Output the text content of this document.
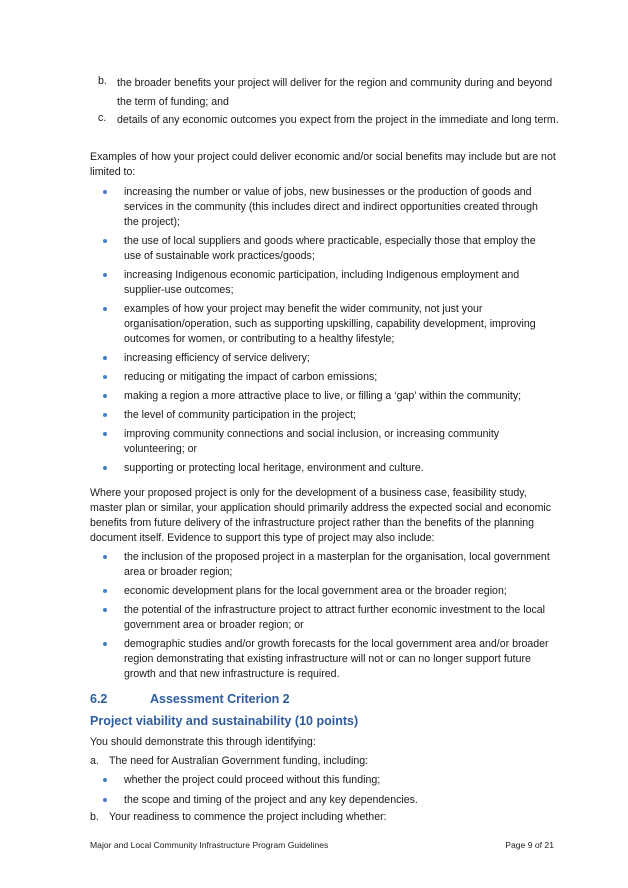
b. the broader benefits your project will deliver for the region and community during and beyond the term of funding; and
c. details of any economic outcomes you expect from the project in the immediate and long term.
Examples of how your project could deliver economic and/or social benefits may include but are not limited to:
increasing the number or value of jobs, new businesses or the production of goods and services in the community (this includes direct and indirect opportunities created through the project);
the use of local suppliers and goods where practicable, especially those that employ the use of sustainable work practices/goods;
increasing Indigenous economic participation, including Indigenous employment and supplier-use outcomes;
examples of how your project may benefit the wider community, not just your organisation/operation, such as supporting upskilling, capability development, improving outcomes for women, or contributing to a healthy lifestyle;
increasing efficiency of service delivery;
reducing or mitigating the impact of carbon emissions;
making a region a more attractive place to live, or filling a ‘gap’ within the community;
the level of community participation in the project;
improving community connections and social inclusion, or increasing community volunteering; or
supporting or protecting local heritage, environment and culture.
Where your proposed project is only for the development of a business case, feasibility study, master plan or similar, your application should primarily address the expected social and economic benefits from future delivery of the infrastructure project rather than the benefits of the planning document itself. Evidence to support this type of project may also include:
the inclusion of the proposed project in a masterplan for the organisation, local government area or broader region;
economic development plans for the local government area or the broader region;
the potential of the infrastructure project to attract further economic investment to the local government area or broader region; or
demographic studies and/or growth forecasts for the local government area and/or broader region demonstrating that existing infrastructure will not or can no longer support future growth and that new infrastructure is required.
6.2	Assessment Criterion 2
Project viability and sustainability (10 points)
You should demonstrate this through identifying:
a. The need for Australian Government funding, including:
whether the project could proceed without this funding;
the scope and timing of the project and any key dependencies.
b. Your readiness to commence the project including whether:
Major and Local Community Infrastructure Program Guidelines	Page 9 of 21
